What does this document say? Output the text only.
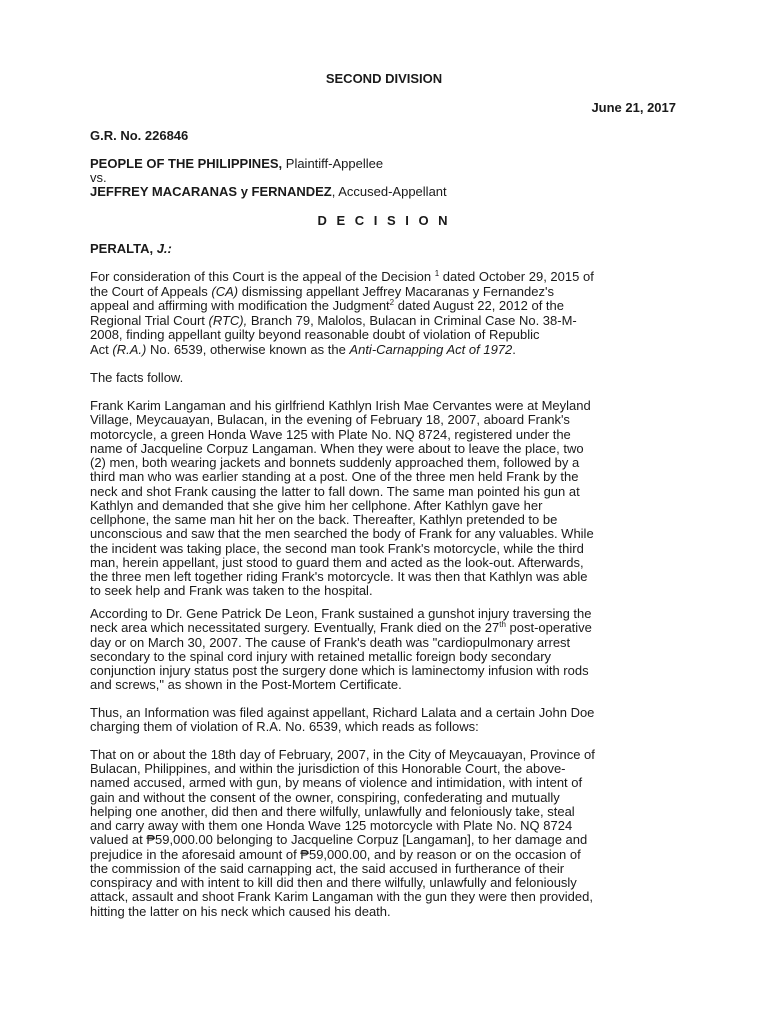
SECOND DIVISION

June 21, 2017

G.R. No. 226846

PEOPLE OF THE PHILIPPINES, Plaintiff-Appellee

vs.

JEFFREY MACARANAS y FERNANDEZ, Accused-Appellant

D E C I S I O N

PERALTA, J.:

For consideration of this Court is the appeal of the Decision $^1$ dated October 29, 2015 of

the Court of Appeals (CA) dismissing appellant Jeffrey Macaranas y Fernandez's

appeal and affirming with modification the Judgment$^2$ dated August 22, 2012 of the

Regional Trial Court (RTC), Branch 79, Malolos, Bulacan in Criminal Case No. 38-M-

2008, finding appellant guilty beyond reasonable doubt of violation of Republic

Act (R.A.) No. 6539, otherwise known as the Anti-Carnapping Act of 1972.

The facts follow.

Frank Karim Langaman and his girlfriend Kathlyn Irish Mae Cervantes were at Meyland

Village, Meycauayan, Bulacan, in the evening of February 18, 2007, aboard Frank's

motorcycle, a green Honda Wave 125 with Plate No. NQ 8724, registered under the

name of Jacqueline Corpuz Langaman. When they were about to leave the place, two

(2) men, both wearing jackets and bonnets suddenly approached them, followed by a

third man who was earlier standing at a post. One of the three men held Frank by the

neck and shot Frank causing the latter to fall down. The same man pointed his gun at

Kathlyn and demanded that she give him her cellphone. After Kathlyn gave her

cellphone, the same man hit her on the back. Thereafter, Kathlyn pretended to be

unconscious and saw that the men searched the body of Frank for any valuables. While

the incident was taking place, the second man took Frank's motorcycle, while the third

man, herein appellant, just stood to guard them and acted as the look-out. Afterwards,

the three men left together riding Frank's motorcycle. It was then that Kathlyn was able

to seek help and Frank was taken to the hospital.

According to Dr. Gene Patrick De Leon, Frank sustained a gunshot injury traversing the

neck area which necessitated surgery. Eventually, Frank died on the 27th post-operative

day or on March 30, 2007. The cause of Frank's death was "cardiopulmonary arrest

secondary to the spinal cord injury with retained metallic foreign body secondary

conjunction injury status post the surgery done which is laminectomy infusion with rods

and screws," as shown in the Post-Mortem Certificate.

Thus, an Information was filed against appellant, Richard Lalata and a certain John Doe

charging them of violation of R.A. No. 6539, which reads as follows:

That on or about the 18th day of February, 2007, in the City of Meycauayan, Province of

Bulacan, Philippines, and within the jurisdiction of this Honorable Court, the above-

named accused, armed with gun, by means of violence and intimidation, with intent of

gain and without the consent of the owner, conspiring, confederating and mutually

helping one another, did then and there wilfully, unlawfully and feloniously take, steal

and carry away with them one Honda Wave 125 motorcycle with Plate No. NQ 8724

valued at ₱59,000.00 belonging to Jacqueline Corpuz [Langaman], to her damage and

prejudice in the aforesaid amount of ₱59,000.00, and by reason or on the occasion of

the commission of the said carnapping act, the said accused in furtherance of their

conspiracy and with intent to kill did then and there wilfully, unlawfully and feloniously

attack, assault and shoot Frank Karim Langaman with the gun they were then provided,

hitting the latter on his neck which caused his death.
